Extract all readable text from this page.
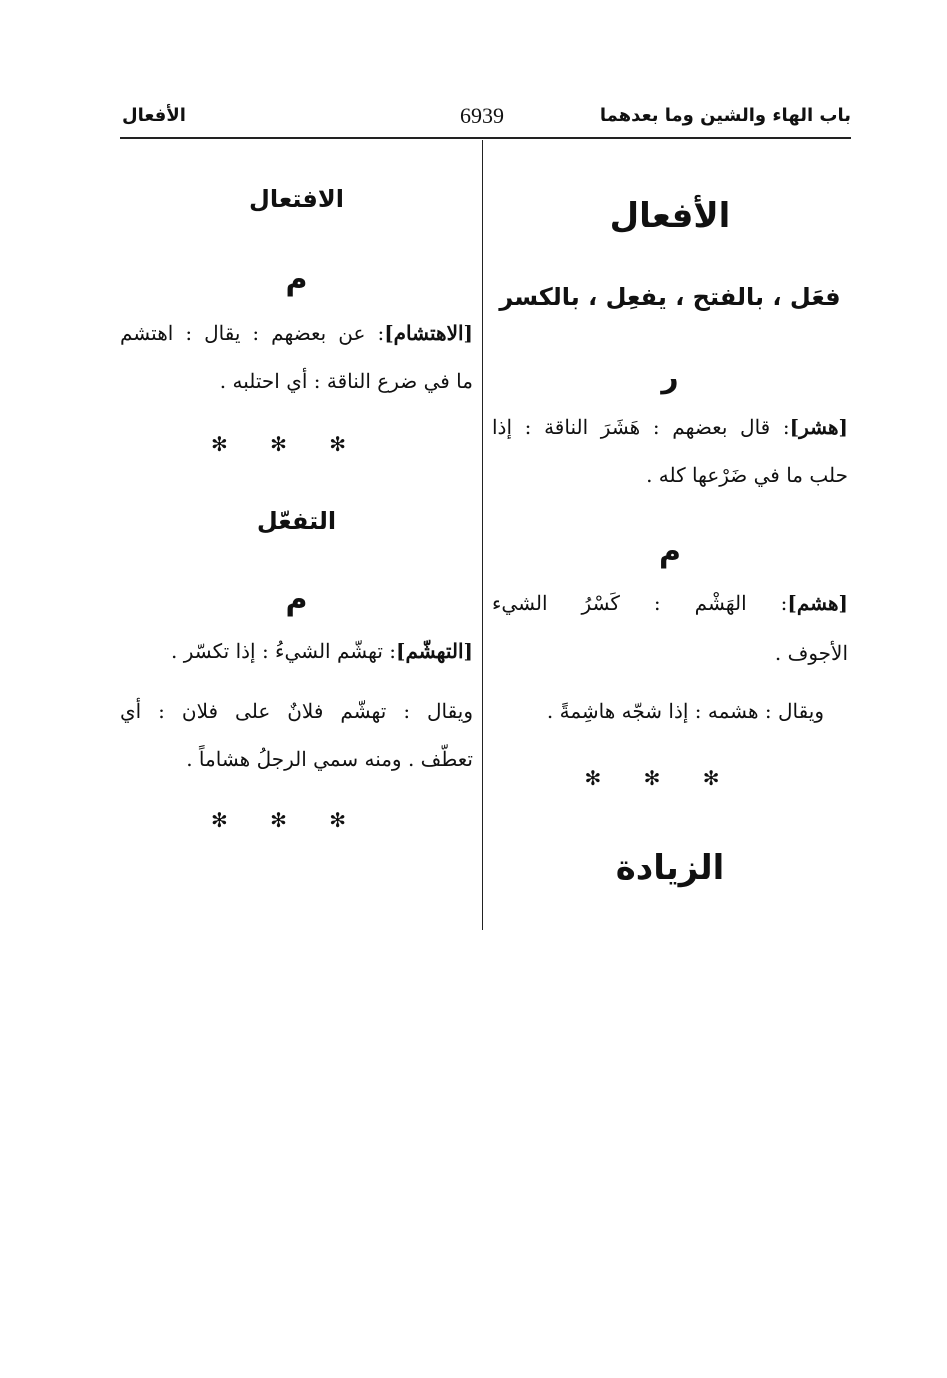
الأفعال	6939	باب الهاء والشين وما بعدهما
الأفعال
فعَل ، بالفتح ، يفعِل ، بالكسر
ر
[هشر]: قال بعضهم : هَشَرَ الناقة : إذا
حلب ما في ضَرْعها كله .
م
[هشم]: الهَشْم : كَسْرُ الشيء
الأجوف .
ويقال : هشمه : إذا شجّه هاشِمةً .
✻ ✻ ✻
الزيادة
الافتعال
م
[الاهتشام]: عن بعضهم : يقال : اهتشم
ما في ضرع الناقة : أي احتلبه .
✻ ✻ ✻
التفعّل
م
[التهشّم]: تهشّم الشيءُ : إذا تكسّر .
ويقال : تهشّم فلانٌ على فلان : أي
تعطّف . ومنه سمي الرجلُ هشاماً .
✻ ✻ ✻
